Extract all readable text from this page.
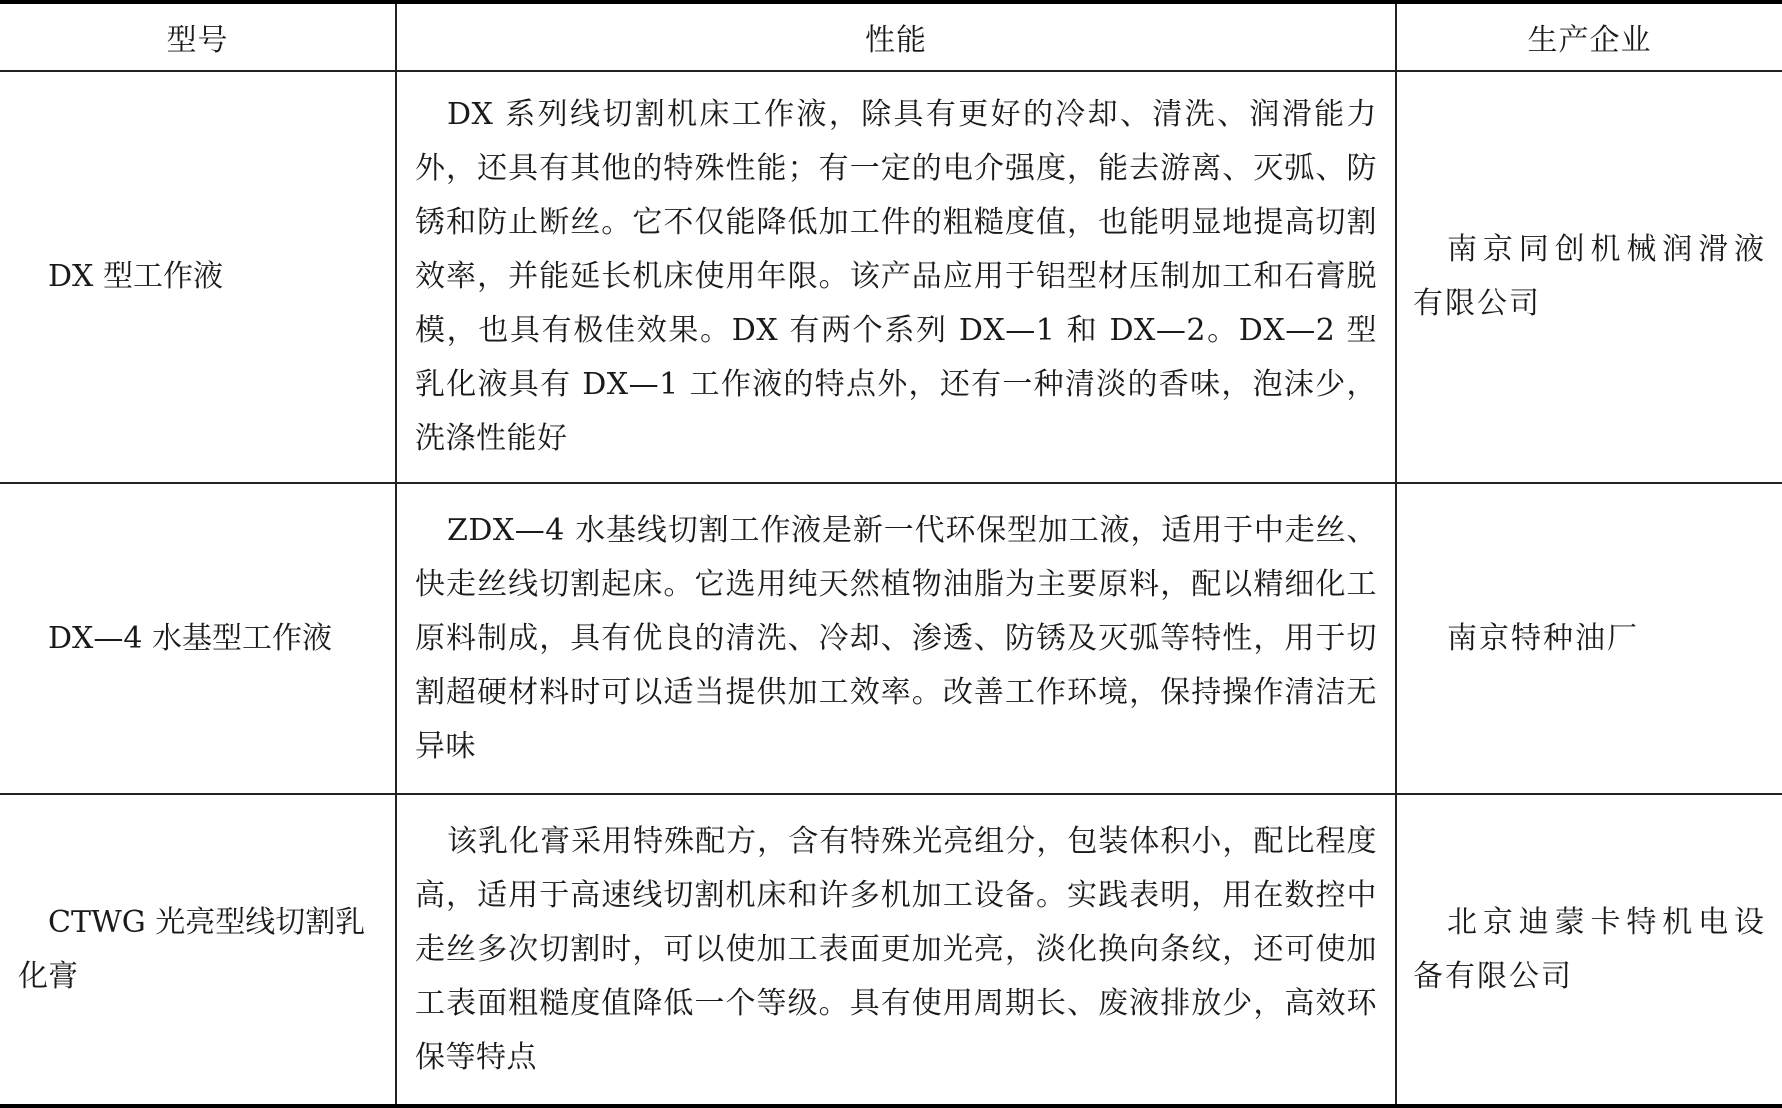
型号	性能	生产企业
DX 型工作液	DX 系列线切割机床工作液，除具有更好的冷却、清洗、润滑能力外，还具有其他的特殊性能；有一定的电介强度，能去游离、灭弧、防锈和防止断丝。它不仅能降低加工件的粗糙度值，也能明显地提高切割效率，并能延长机床使用年限。该产品应用于铝型材压制加工和石膏脱模，也具有极佳效果。DX 有两个系列 DX—1 和 DX—2。DX—2 型乳化液具有 DX—1 工作液的特点外，还有一种清淡的香味，泡沫少，洗涤性能好	南京同创机械润滑液有限公司
DX—4 水基型工作液	ZDX—4 水基线切割工作液是新一代环保型加工液，适用于中走丝、快走丝线切割起床。它选用纯天然植物油脂为主要原料，配以精细化工原料制成，具有优良的清洗、冷却、渗透、防锈及灭弧等特性，用于切割超硬材料时可以适当提供加工效率。改善工作环境，保持操作清洁无异味	南京特种油厂
CTWG 光亮型线切割乳化膏	该乳化膏采用特殊配方，含有特殊光亮组分，包装体积小，配比程度高，适用于高速线切割机床和许多机加工设备。实践表明，用在数控中走丝多次切割时，可以使加工表面更加光亮，淡化换向条纹，还可使加工表面粗糙度值降低一个等级。具有使用周期长、废液排放少，高效环保等特点	北京迪蒙卡特机电设备有限公司
